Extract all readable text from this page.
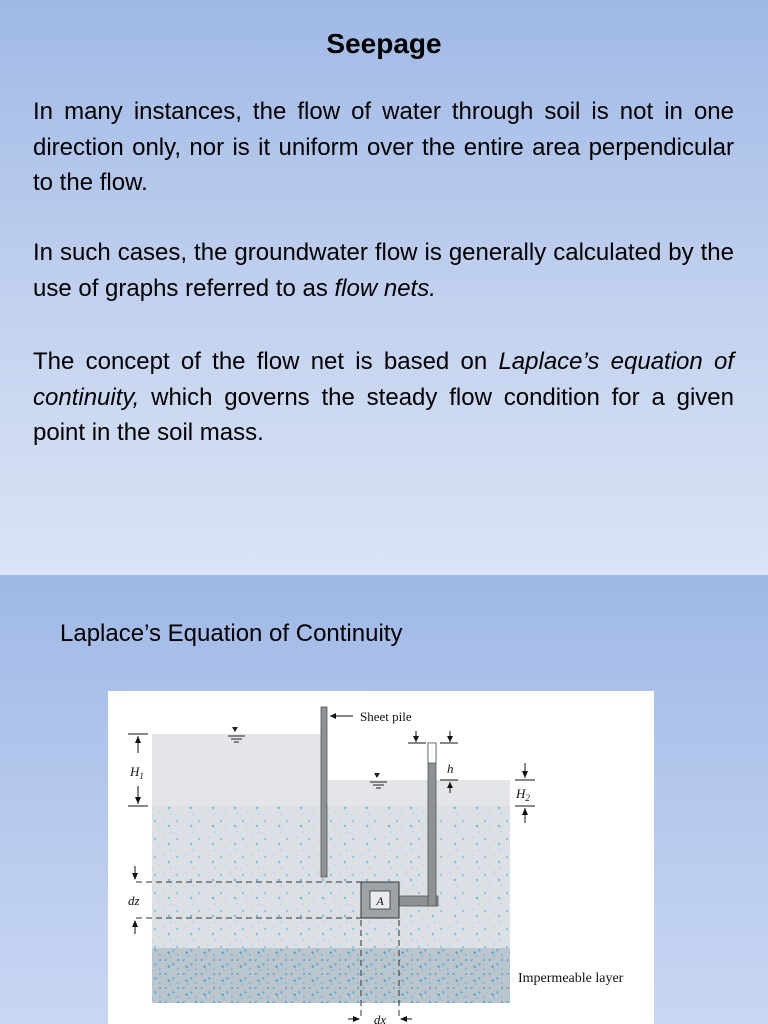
Seepage
In many instances, the flow of water through soil is not in one direction only, nor is it uniform over the entire area perpendicular to the flow.
In such cases, the groundwater flow is generally calculated by the use of graphs referred to as flow nets.
The concept of the flow net is based on Laplace’s equation of continuity, which governs the steady flow condition for a given point in the soil mass.
Laplace’s Equation of Continuity
Sheet pile
A
$H_1$	h
$H_2$
dz
Impermeable layer
dx
